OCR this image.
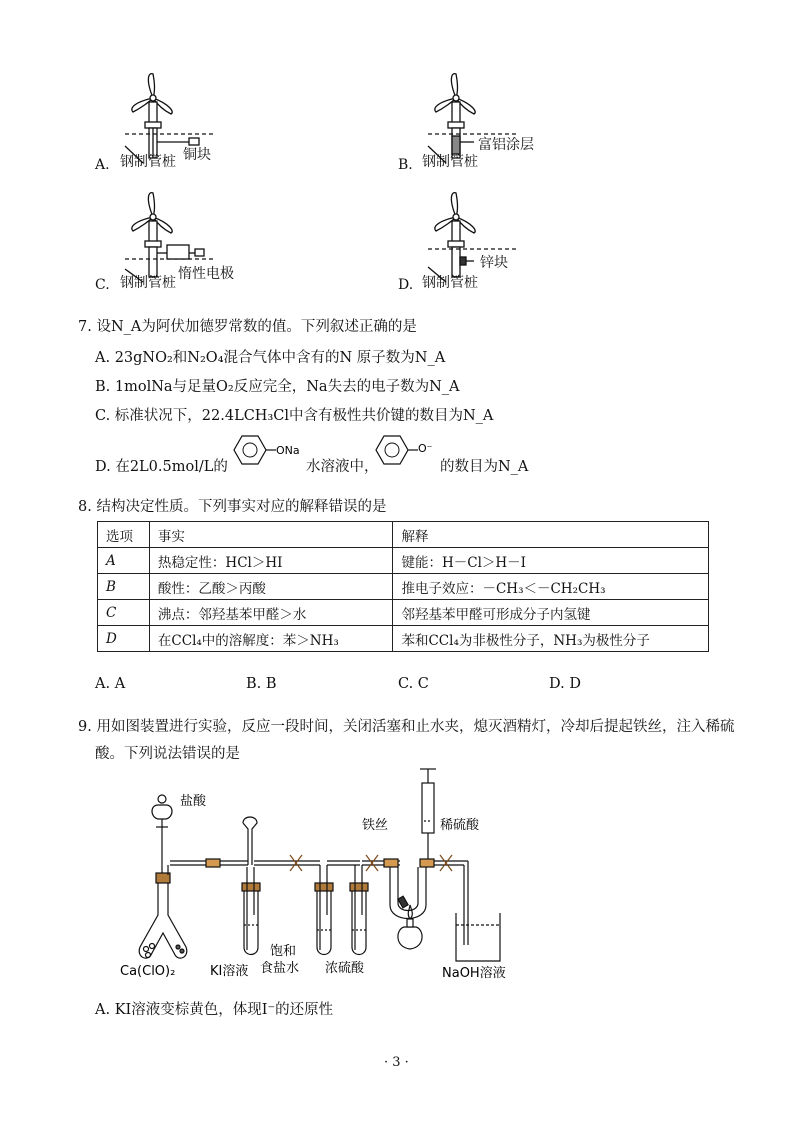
A. 钢制管桩 铜块
B. 钢制管桩
富铝涂层
C. 钢制管桩
惰性电极
D. 钢制管桩
锌块
7. 设N_A为阿伏加德罗常数的值。下列叙述正确的是
A. 23gNO₂和N₂O₄混合气体中含有的N 原子数为N_A
B. 1molNa与足量O₂反应完全，Na失去的电子数为N_A
C. 标准状况下，22.4LCH₃Cl中含有极性共价键的数目为N_A
D. 在2L0.5mol/L的
ONa
水溶液中，
O⁻
的数目为N_A
8. 结构决定性质。下列事实对应的解释错误的是
选项	事实	解释
A	热稳定性：HCl＞HI	键能：H－Cl＞H－I
B	酸性：乙酸＞丙酸	推电子效应：－CH₃＜－CH₂CH₃
C	沸点：邻羟基苯甲醛＞水	邻羟基苯甲醛可形成分子内氢键
D	在CCl₄中的溶解度：苯＞NH₃	苯和CCl₄为非极性分子，NH₃为极性分子
A. A	B. B	C. C	D. D
9. 用如图装置进行实验，反应一段时间，关闭活塞和止水夹，熄灭酒精灯，冷却后提起铁丝，注入稀硫
酸。下列说法错误的是
盐酸
Ca(ClO)₂	KI溶液
饱和
食盐水 浓硫酸
铁丝	稀硫酸
NaOH溶液
A. KI溶液变棕黄色，体现I⁻的还原性
· 3 ·
